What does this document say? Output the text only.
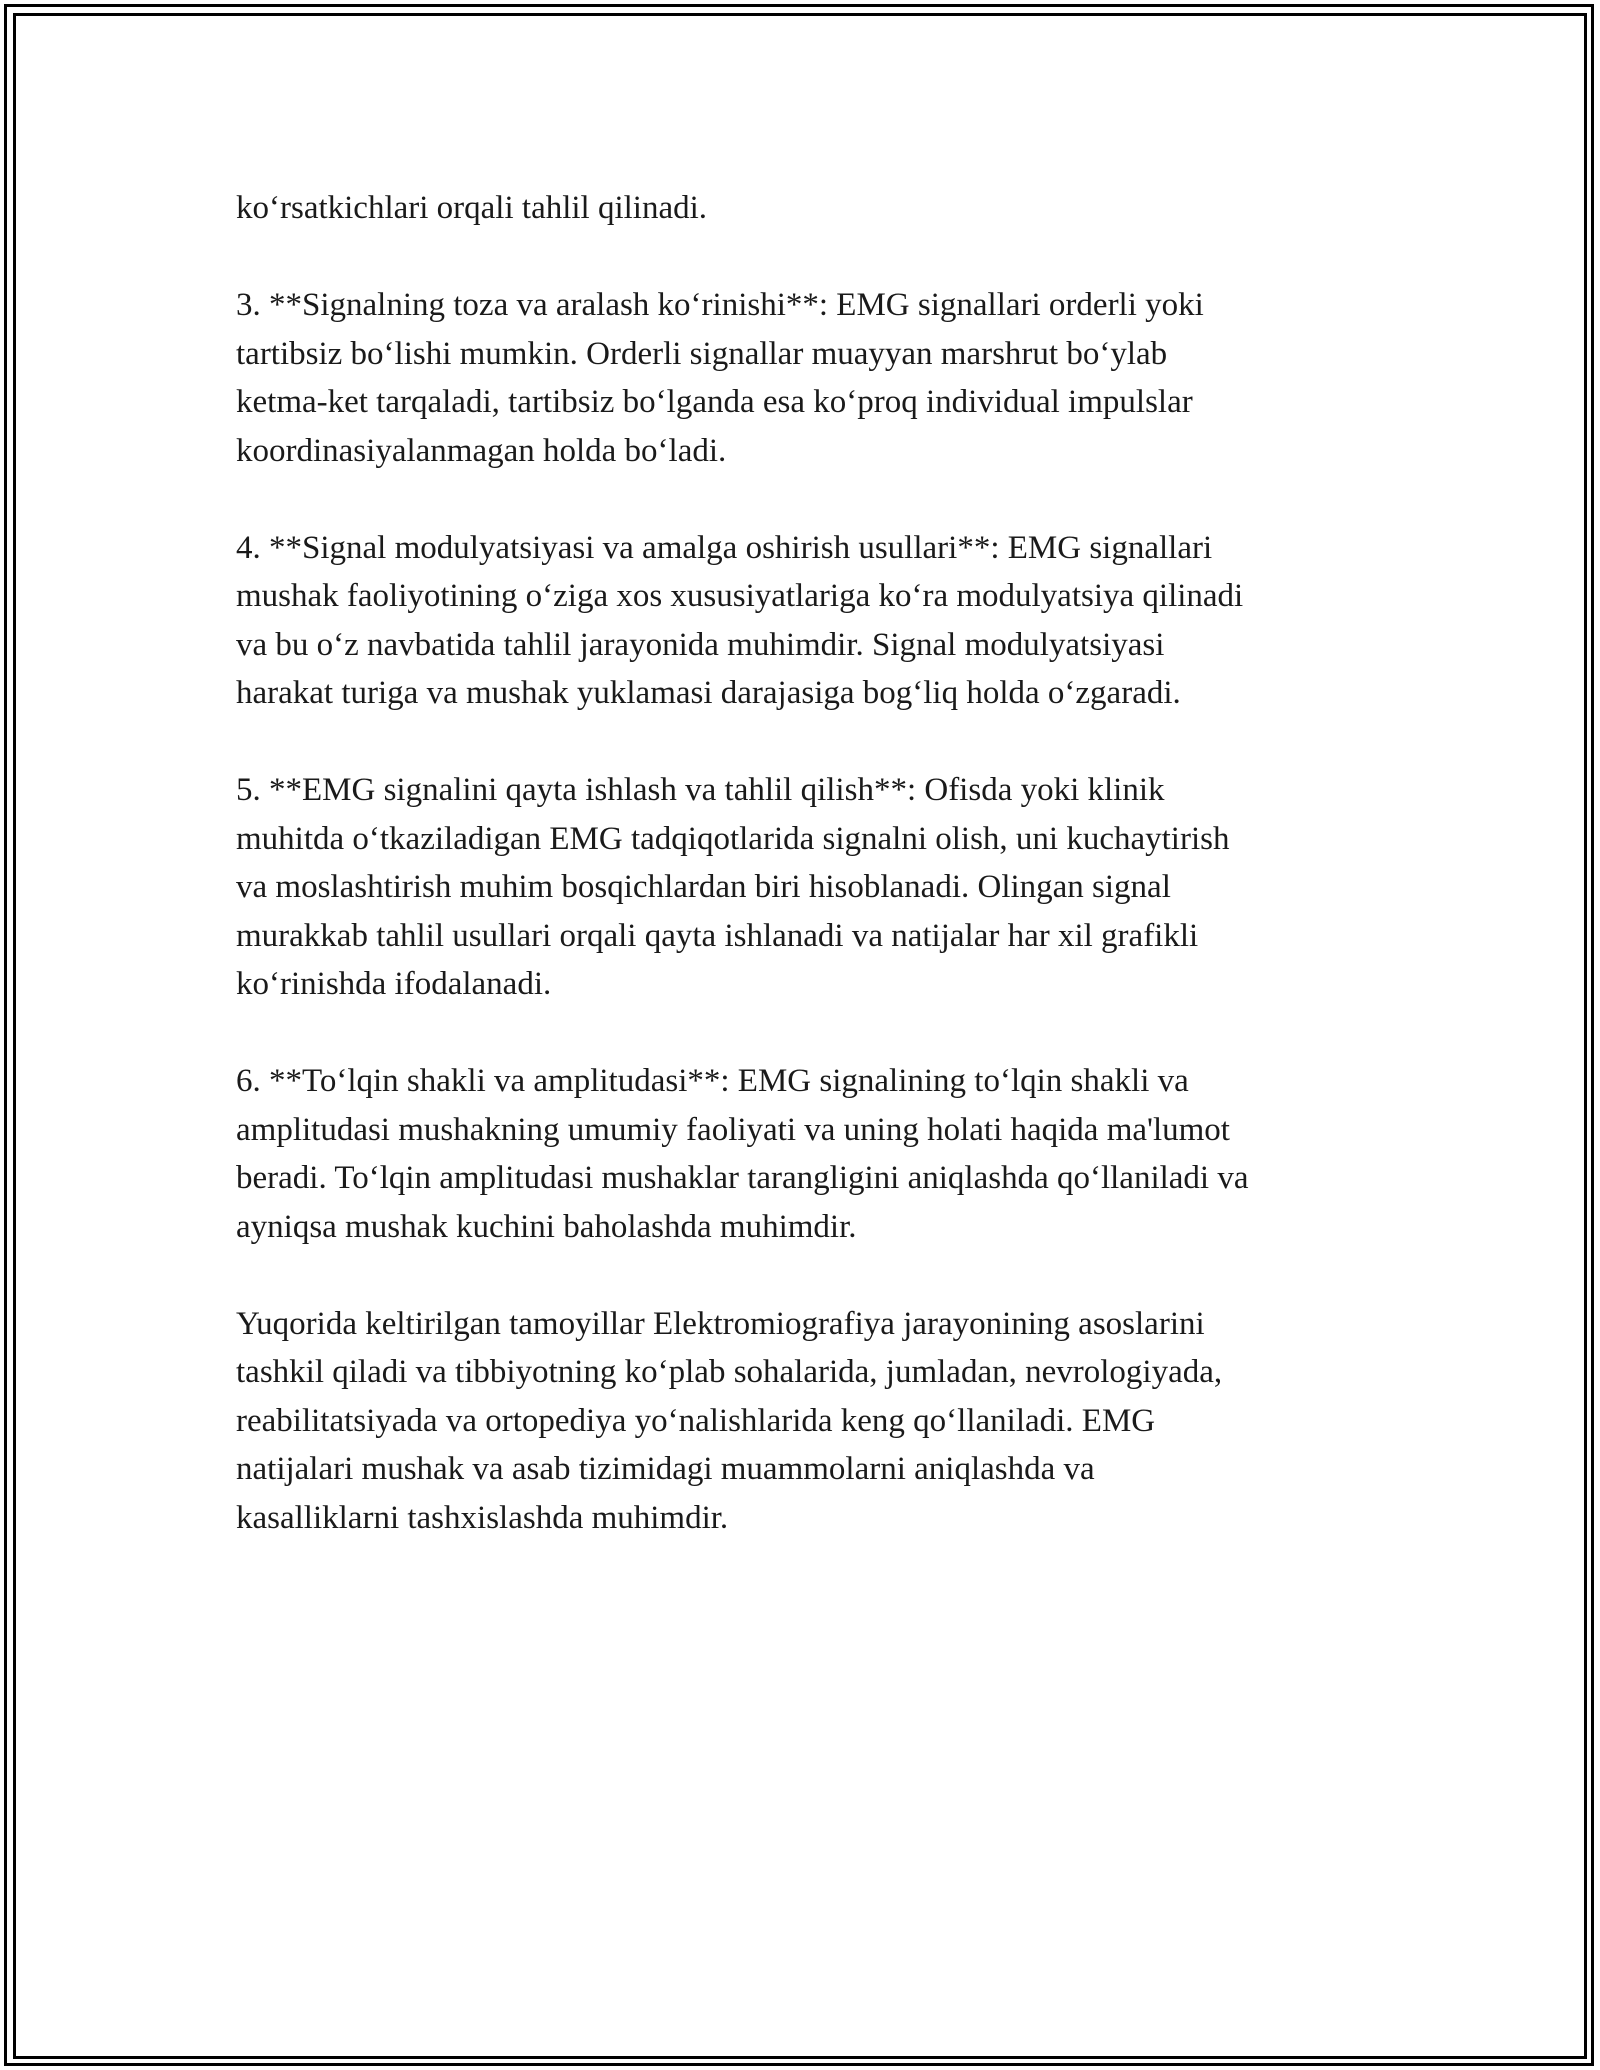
ko‘rsatkichlari orqali tahlil qilinadi.

3. **Signalning toza va aralash ko‘rinishi**: EMG signallari orderli yoki
tartibsiz bo‘lishi mumkin. Orderli signallar muayyan marshrut bo‘ylab
ketma-ket tarqaladi, tartibsiz bo‘lganda esa ko‘proq individual impulslar
koordinasiyalanmagan holda bo‘ladi.

4. **Signal modulyatsiyasi va amalga oshirish usullari**: EMG signallari
mushak faoliyotining o‘ziga xos xususiyatlariga ko‘ra modulyatsiya qilinadi
va bu o‘z navbatida tahlil jarayonida muhimdir. Signal modulyatsiyasi
harakat turiga va mushak yuklamasi darajasiga bog‘liq holda o‘zgaradi.

5. **EMG signalini qayta ishlash va tahlil qilish**: Ofisda yoki klinik
muhitda o‘tkaziladigan EMG tadqiqotlarida signalni olish, uni kuchaytirish
va moslashtirish muhim bosqichlardan biri hisoblanadi. Olingan signal
murakkab tahlil usullari orqali qayta ishlanadi va natijalar har xil grafikli
ko‘rinishda ifodalanadi.

6. **To‘lqin shakli va amplitudasi**: EMG signalining to‘lqin shakli va
amplitudasi mushakning umumiy faoliyati va uning holati haqida ma'lumot
beradi. To‘lqin amplitudasi mushaklar tarangligini aniqlashda qo‘llaniladi va
ayniqsa mushak kuchini baholashda muhimdir.

Yuqorida keltirilgan tamoyillar Elektromiografiya jarayonining asoslarini
tashkil qiladi va tibbiyotning ko‘plab sohalarida, jumladan, nevrologiyada,
reabilitatsiyada va ortopediya yo‘nalishlarida keng qo‘llaniladi. EMG
natijalari mushak va asab tizimidagi muammolarni aniqlashda va
kasalliklarni tashxislashda muhimdir.
